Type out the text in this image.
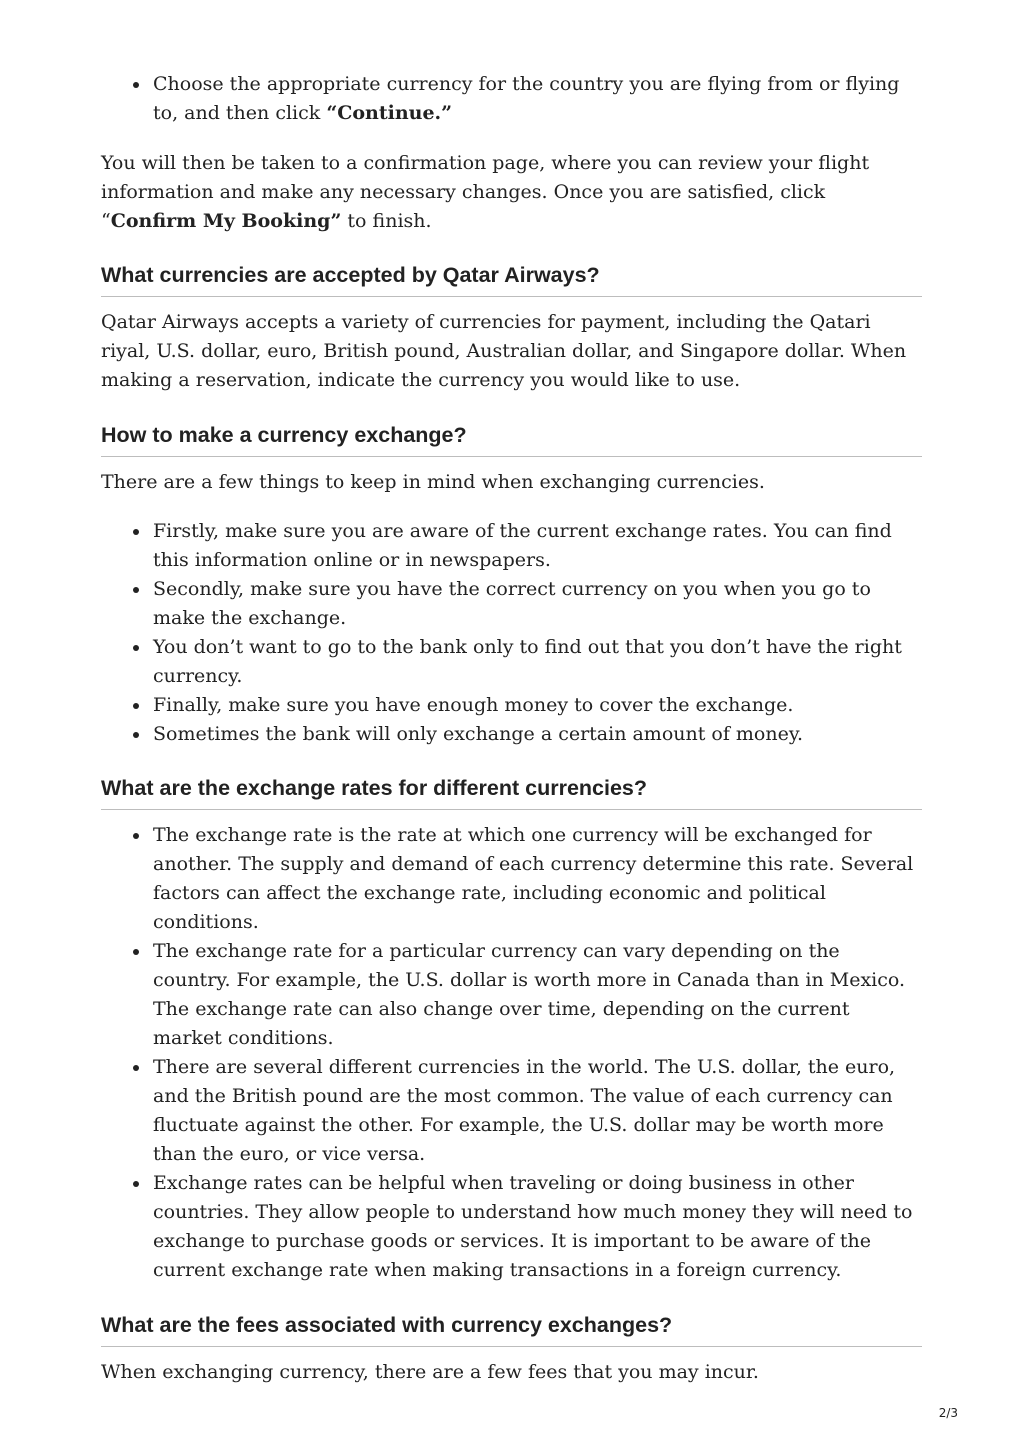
Choose the appropriate currency for the country you are flying from or flying to, and then click “Continue.”

You will then be taken to a confirmation page, where you can review your flight information and make any necessary changes. Once you are satisfied, click “Confirm My Booking” to finish.

What currencies are accepted by Qatar Airways?

Qatar Airways accepts a variety of currencies for payment, including the Qatari riyal, U.S. dollar, euro, British pound, Australian dollar, and Singapore dollar. When making a reservation, indicate the currency you would like to use.

How to make a currency exchange?

There are a few things to keep in mind when exchanging currencies.

Firstly, make sure you are aware of the current exchange rates. You can find this information online or in newspapers.
Secondly, make sure you have the correct currency on you when you go to make the exchange.
You don’t want to go to the bank only to find out that you don’t have the right currency.
Finally, make sure you have enough money to cover the exchange.
Sometimes the bank will only exchange a certain amount of money.
What are the exchange rates for different currencies?
The exchange rate is the rate at which one currency will be exchanged for another. The supply and demand of each currency determine this rate. Several factors can affect the exchange rate, including economic and political conditions.
The exchange rate for a particular currency can vary depending on the country. For example, the U.S. dollar is worth more in Canada than in Mexico. The exchange rate can also change over time, depending on the current market conditions.
There are several different currencies in the world. The U.S. dollar, the euro, and the British pound are the most common. The value of each currency can fluctuate against the other. For example, the U.S. dollar may be worth more than the euro, or vice versa.
Exchange rates can be helpful when traveling or doing business in other countries. They allow people to understand how much money they will need to exchange to purchase goods or services. It is important to be aware of the current exchange rate when making transactions in a foreign currency.
What are the fees associated with currency exchanges?

When exchanging currency, there are a few fees that you may incur.

2/3
